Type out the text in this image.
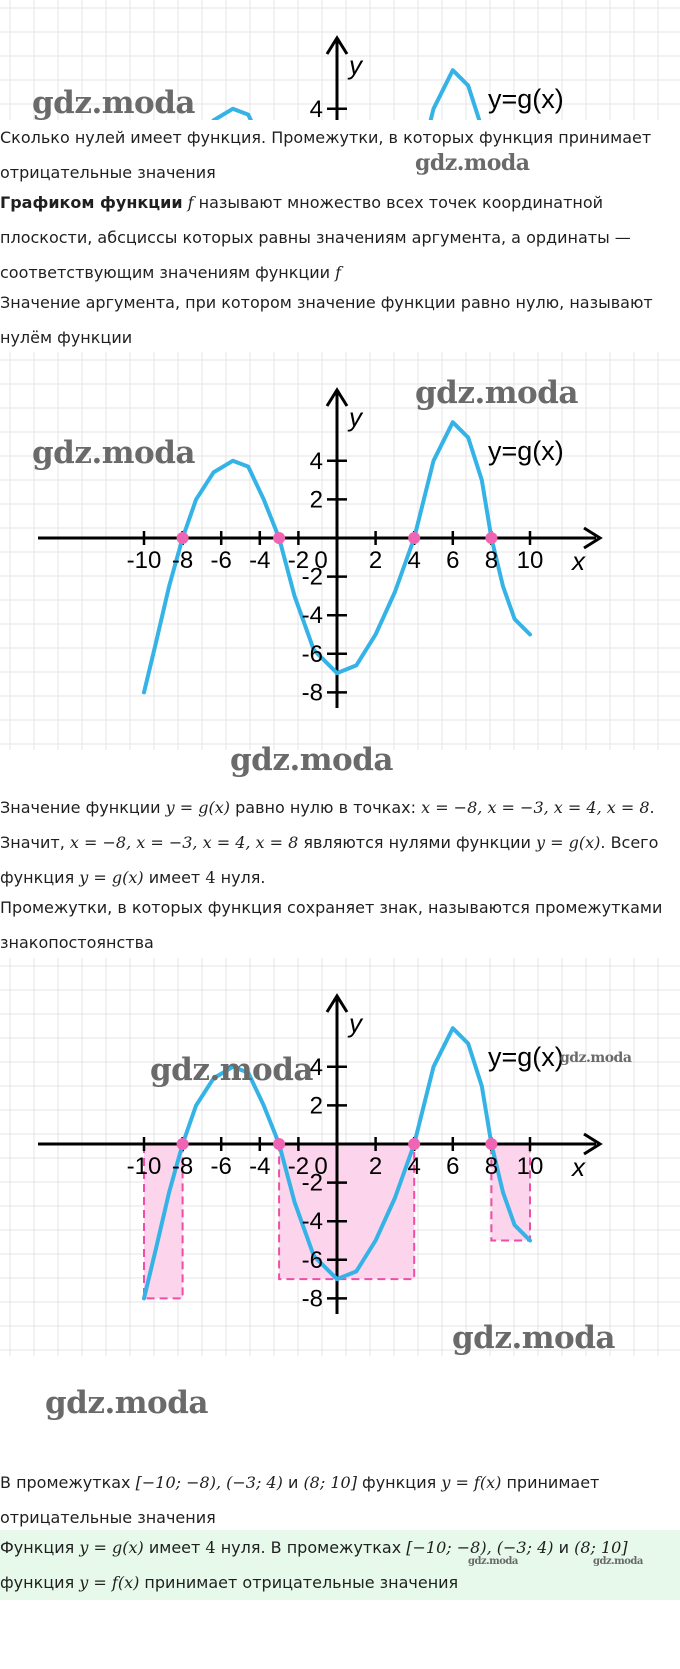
4
y
y=g(x)
gdz.moda
gdz.moda
Сколько нулей имеет функция. Промежутки, в которых функция принимает отрицательные значения
Графиком функции f называют множество всех точек координатной плоскости, абсциссы которых равны значениям аргумента, а ординаты — соответствующим значениям функции f
Значение аргумента, при котором значение функции равно нулю, называют нулём функции
-10 -8 -6 -4 -2 0 2 4 6 8 10
4
2
-2
-4
-6
-8
x
y
y=g(x)
gdz.moda
gdz.moda
gdz.moda
Значение функции y = g(x) равно нулю в точках: x = −8, x = −3, x = 4, x = 8. Значит, x = −8, x = −3, x = 4, x = 8 являются нулями функции y = g(x). Всего функция y = g(x) имеет 4 нуля.
Промежутки, в которых функция сохраняет знак, называются промежутками знакопостоянства
-10 -8 -6 -4 -2 0 2 4 6 8 10
4
2
-2
-4
-6
-8
x
y
y=g(x)
gdz.moda	gdz.moda
gdz.moda
gdz.moda
В промежутках [−10; −8), (−3; 4) и (8; 10] функция y = f(x) принимает отрицательные значения
Функция y = g(x) имеет 4 нуля. В промежутках [−10; −8), (−3; 4) и (8; 10] функция y = f(x) принимает отрицательные значения
gdz.moda	gdz.moda
